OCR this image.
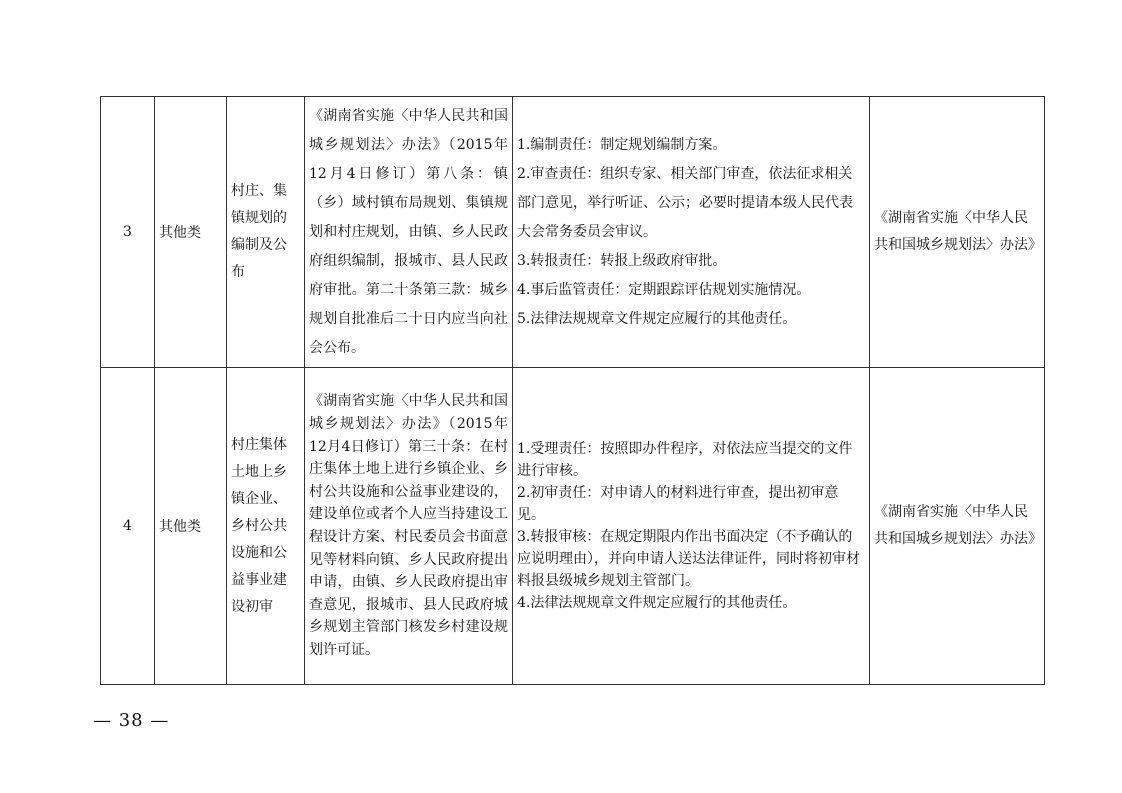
3	其他类	村庄、集镇规划的编制及公布	《湖南省实施〈中华人民共和国城乡规划法〉办法》（2015年12月4日修订）第八条：镇（乡）域村镇布局规划、集镇规划和村庄规划，由镇、乡人民政府组织编制，报城市、县人民政府审批。第二十条第三款：城乡规划自批准后二十日内应当向社会公布。	1.编制责任：制定规划编制方案。
2.审查责任：组织专家、相关部门审查，依法征求相关部门意见，举行听证、公示；必要时提请本级人民代表大会常务委员会审议。
3.转报责任：转报上级政府审批。
4.事后监管责任：定期跟踪评估规划实施情况。
5.法律法规规章文件规定应履行的其他责任。	《湖南省实施〈中华人民共和国城乡规划法〉办法》
4	其他类	村庄集体土地上乡镇企业、乡村公共设施和公益事业建设初审	《湖南省实施〈中华人民共和国城乡规划法〉办法》（2015年12月4日修订）第三十条：在村庄集体土地上进行乡镇企业、乡村公共设施和公益事业建设的，建设单位或者个人应当持建设工程设计方案、村民委员会书面意见等材料向镇、乡人民政府提出申请，由镇、乡人民政府提出审查意见，报城市、县人民政府城乡规划主管部门核发乡村建设规划许可证。	1.受理责任：按照即办件程序，对依法应当提交的文件进行审核。
2.初审责任：对申请人的材料进行审查，提出初审意见。
3.转报审核：在规定期限内作出书面决定（不予确认的应说明理由），并向申请人送达法律证件，同时将初审材料报县级城乡规划主管部门。
4.法律法规规章文件规定应履行的其他责任。	《湖南省实施〈中华人民共和国城乡规划法〉办法》
— 38 —
